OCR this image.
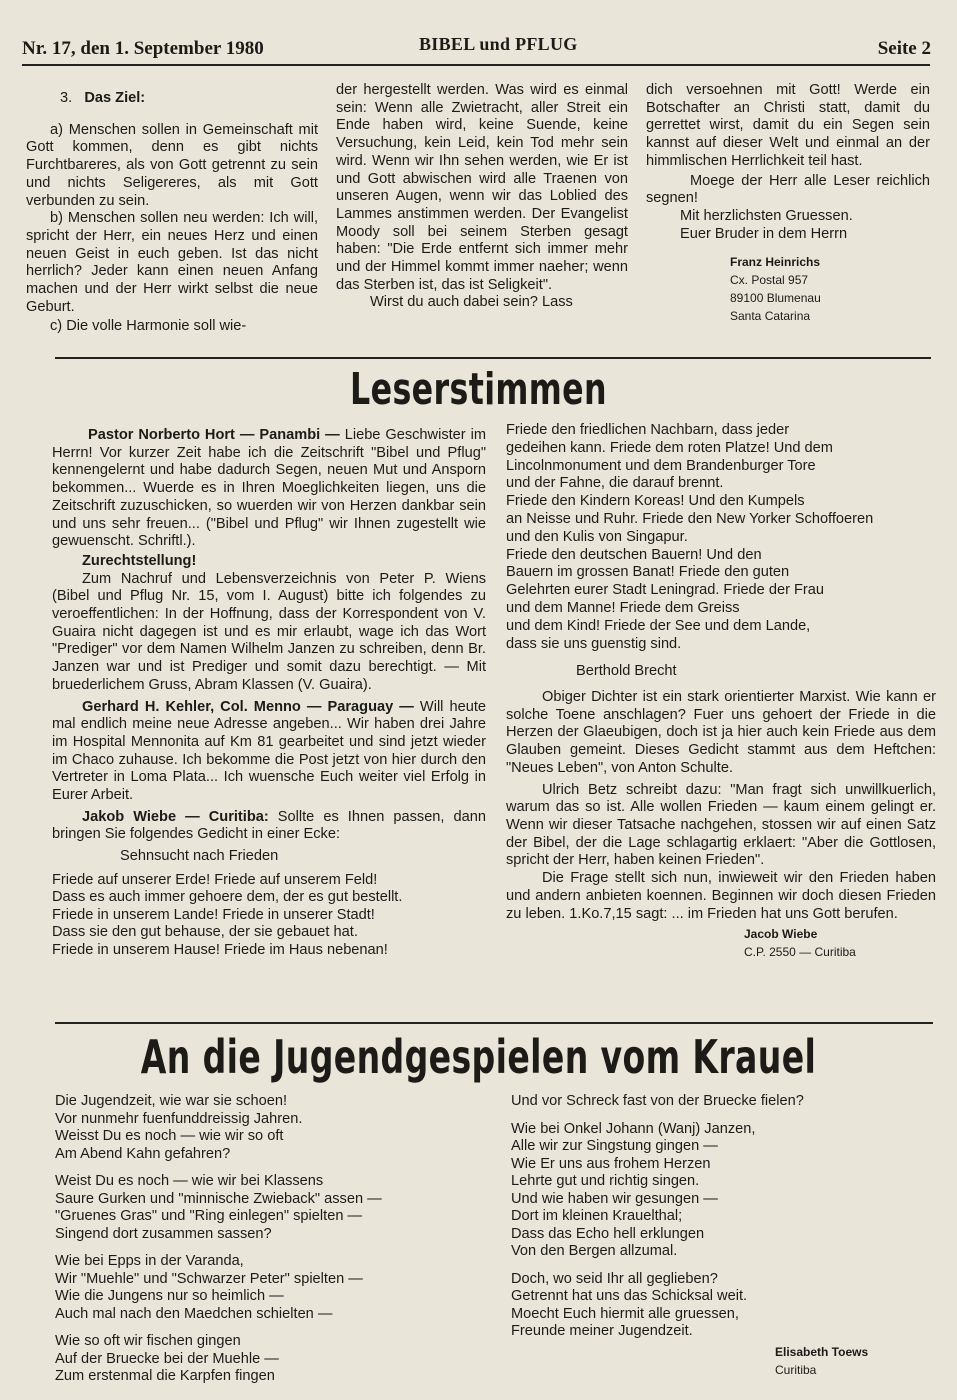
Nr. 17, den 1. September 1980	BIBEL und PFLUG	Seite 2

3. Das Ziel:

a) Menschen sollen in Gemeinschaft mit Gott kommen, denn es gibt nichts Furchtbareres, als von Gott getrennt zu sein und nichts Seligereres, als mit Gott verbunden zu sein.

b) Menschen sollen neu werden: Ich will, spricht der Herr, ein neues Herz und einen neuen Geist in euch geben. Ist das nicht herrlich? Jeder kann einen neuen Anfang machen und der Herr wirkt selbst die neue Geburt.

c) Die volle Harmonie soll wie-

der hergestellt werden. Was wird es einmal sein: Wenn alle Zwietracht, aller Streit ein Ende haben wird, keine Suende, keine Versuchung, kein Leid, kein Tod mehr sein wird. Wenn wir Ihn sehen werden, wie Er ist und Gott abwischen wird alle Traenen von unseren Augen, wenn wir das Loblied des Lammes anstimmen werden. Der Evangelist Moody soll bei seinem Sterben gesagt haben: "Die Erde entfernt sich immer mehr und der Himmel kommt immer naeher; wenn das Sterben ist, das ist Seligkeit".

Wirst du auch dabei sein? Lass

dich versoehnen mit Gott! Werde ein Botschafter an Christi statt, damit du gerrettet wirst, damit du ein Segen sein kannst auf dieser Welt und einmal an der himmlischen Herrlichkeit teil hast.

Moege der Herr alle Leser reichlich segnen!

Mit herzlichsten Gruessen.

Euer Bruder in dem Herrn

Franz Heinrichs
Cx. Postal 957
89100 Blumenau
Santa Catarina
Leserstimmen

Pastor Norberto Hort — Panambi — Liebe Geschwister im Herrn! Vor kurzer Zeit habe ich die Zeitschrift "Bibel und Pflug" kennengelernt und habe dadurch Segen, neuen Mut und Ansporn bekommen... Wuerde es in Ihren Moeglichkeiten liegen, uns die Zeitschrift zuzuschicken, so wuerden wir von Herzen dankbar sein und uns sehr freuen... ("Bibel und Pflug" wir Ihnen zugestellt wie gewuenscht. Schriftl.).

Zurechtstellung!

Zum Nachruf und Lebensverzeichnis von Peter P. Wiens (Bibel und Pflug Nr. 15, vom I. August) bitte ich folgendes zu veroeffentlichen: In der Hoffnung, dass der Korrespondent von V. Guaira nicht dagegen ist und es mir erlaubt, wage ich das Wort "Prediger" vor dem Namen Wilhelm Janzen zu schreiben, denn Br. Janzen war und ist Prediger und somit dazu berechtigt. — Mit bruederlichem Gruss, Abram Klassen (V. Guaira).

Gerhard H. Kehler, Col. Menno — Paraguay — Will heute mal endlich meine neue Adresse angeben... Wir haben drei Jahre im Hospital Mennonita auf Km 81 gearbeitet und sind jetzt wieder im Chaco zuhause. Ich bekomme die Post jetzt von hier durch den Vertreter in Loma Plata... Ich wuensche Euch weiter viel Erfolg in Eurer Arbeit.

Jakob Wiebe — Curitiba: Sollte es Ihnen passen, dann bringen Sie folgendes Gedicht in einer Ecke:

Sehnsucht nach Frieden

Friede auf unserer Erde! Friede auf unserem Feld!
Dass es auch immer gehoere dem, der es gut bestellt.
Friede in unserem Lande! Friede in unserer Stadt!
Dass sie den gut behause, der sie gebauet hat.
Friede in unserem Hause! Friede im Haus nebenan!
Friede den friedlichen Nachbarn, dass jeder
gedeihen kann. Friede dem roten Platze! Und dem
Lincolnmonument und dem Brandenburger Tore
und der Fahne, die darauf brennt.
Friede den Kindern Koreas! Und den Kumpels
an Neisse und Ruhr. Friede den New Yorker Schoffoeren
und den Kulis von Singapur.
Friede den deutschen Bauern! Und den
Bauern im grossen Banat! Friede den guten
Gelehrten eurer Stadt Leningrad. Friede der Frau
und dem Manne! Friede dem Greiss
und dem Kind! Friede der See und dem Lande,
dass sie uns guenstig sind.

Berthold Brecht

Obiger Dichter ist ein stark orientierter Marxist. Wie kann er solche Toene anschlagen? Fuer uns gehoert der Friede in die Herzen der Glaeubigen, doch ist ja hier auch kein Friede aus dem Glauben gemeint. Dieses Gedicht stammt aus dem Heftchen: "Neues Leben", von Anton Schulte.

Ulrich Betz schreibt dazu: "Man fragt sich unwillkuerlich, warum das so ist. Alle wollen Frieden — kaum einem gelingt er. Wenn wir dieser Tatsache nachgehen, stossen wir auf einen Satz der Bibel, der die Lage schlagartig erklaert: "Aber die Gottlosen, spricht der Herr, haben keinen Frieden".

Die Frage stellt sich nun, inwieweit wir den Frieden haben und andern anbieten koennen. Beginnen wir doch diesen Frieden zu leben. 1.Ko.7,15 sagt: ... im Frieden hat uns Gott berufen.

Jacob Wiebe
C.P. 2550 — Curitiba
An die Jugendgespielen vom Krauel
Die Jugendzeit, wie war sie schoen!
Vor nunmehr fuenfunddreissig Jahren.
Weisst Du es noch — wie wir so oft
Am Abend Kahn gefahren?
Weist Du es noch — wie wir bei Klassens
Saure Gurken und "minnische Zwieback" assen —
"Gruenes Gras" und "Ring einlegen" spielten —
Singend dort zusammen sassen?
Wie bei Epps in der Varanda,
Wir "Muehle" und "Schwarzer Peter" spielten —
Wie die Jungens nur so heimlich —
Auch mal nach den Maedchen schielten —
Wie so oft wir fischen gingen
Auf der Bruecke bei der Muehle —
Zum erstenmal die Karpfen fingen
Und vor Schreck fast von der Bruecke fielen?
Wie bei Onkel Johann (Wanj) Janzen,
Alle wir zur Singstung gingen —
Wie Er uns aus frohem Herzen
Lehrte gut und richtig singen.
Und wie haben wir gesungen —
Dort im kleinen Krauelthal;
Dass das Echo hell erklungen
Von den Bergen allzumal.
Doch, wo seid Ihr all geglieben?
Getrennt hat uns das Schicksal weit.
Moecht Euch hiermit alle gruessen,
Freunde meiner Jugendzeit.
Elisabeth Toews
Curitiba
